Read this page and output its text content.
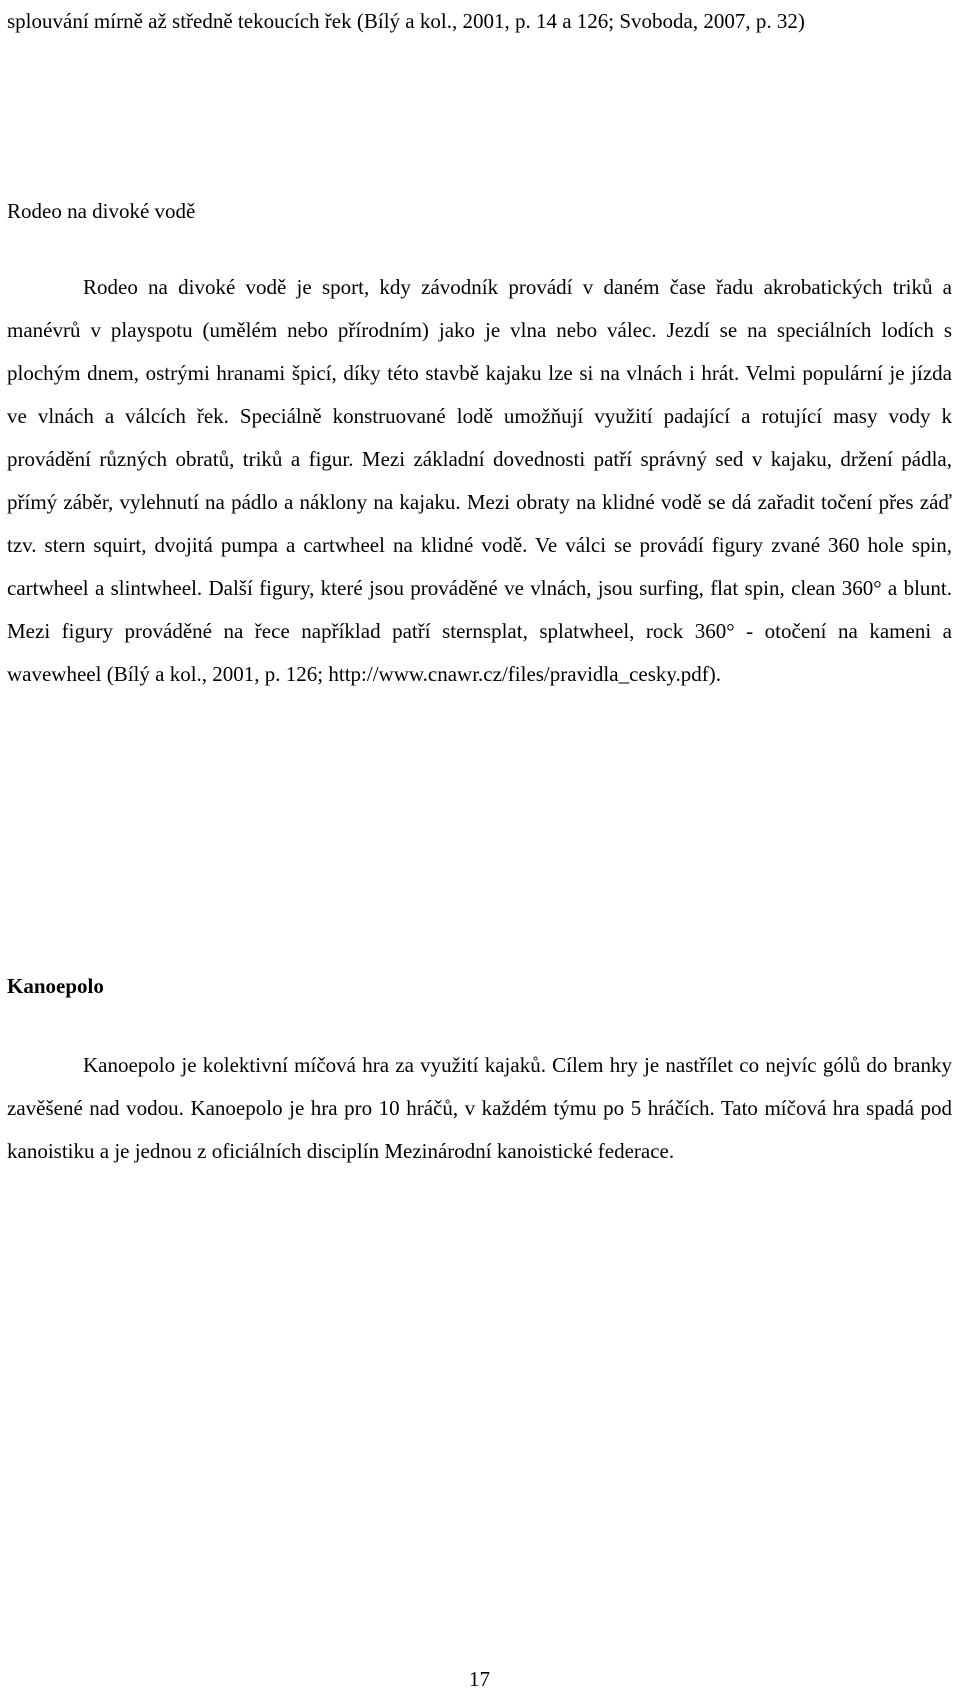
splouvání mírně až středně tekoucích řek (Bílý a kol., 2001, p. 14 a 126; Svoboda, 2007, p. 32)

Rodeo na divoké vodě

Rodeo na divoké vodě je sport, kdy závodník provádí v daném čase řadu akrobatických triků a manévrů v playspotu (umělém nebo přírodním) jako je vlna nebo válec. Jezdí se na speciálních lodích s plochým dnem, ostrými hranami špicí, díky této stavbě kajaku lze si na vlnách i hrát. Velmi populární je jízda ve vlnách a válcích řek. Speciálně konstruované lodě umožňují využití padající a rotující masy vody k provádění různých obratů, triků a figur. Mezi základní dovednosti patří správný sed v kajaku, držení pádla, přímý záběr, vylehnutí na pádlo a náklony na kajaku. Mezi obraty na klidné vodě se dá zařadit točení přes záď tzv. stern squirt, dvojitá pumpa a cartwheel na klidné vodě. Ve válci se provádí figury zvané 360 hole spin, cartwheel a slintwheel. Další figury, které jsou prováděné ve vlnách, jsou surfing, flat spin, clean 360° a blunt. Mezi figury prováděné na řece například patří sternsplat, splatwheel, rock 360° - otočení na kameni a wavewheel (Bílý a kol., 2001, p. 126; http://www.cnawr.cz/files/pravidla_cesky.pdf).

Kanoepolo

Kanoepolo je kolektivní míčová hra za využití kajaků. Cílem hry je nastřílet co nejvíc gólů do branky zavěšené nad vodou. Kanoepolo je hra pro 10 hráčů, v každém týmu po 5 hráčích. Tato míčová hra spadá pod kanoistiku a je jednou z oficiálních disciplín Mezinárodní kanoistické federace.

17
